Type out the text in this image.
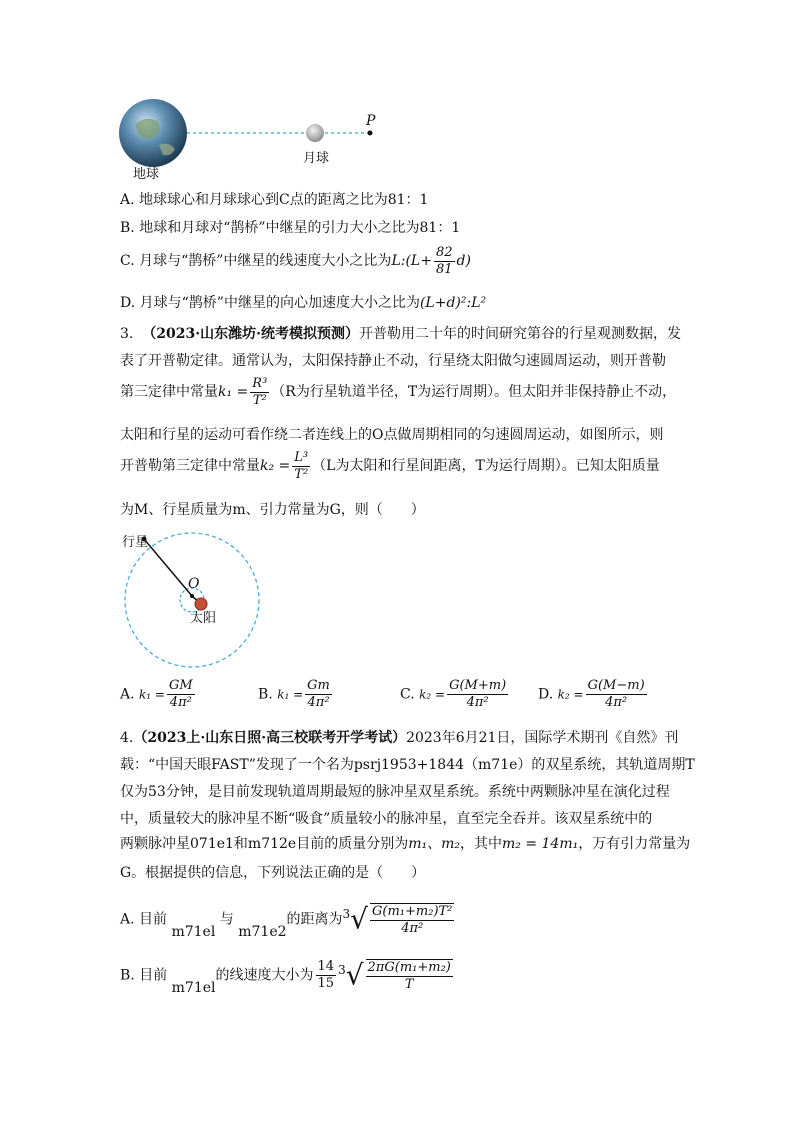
P
月球
地球
A. 地球球心和月球球心到C点的距离之比为81：1
B. 地球和月球对“鹊桥”中继星的引力大小之比为81：1
C. 月球与“鹊桥”中继星的线速度大小之比为L:(L+ $\frac{82}{81} d$)
D. 月球与“鹊桥”中继星的向心加速度大小之比为(L+d)²:L²
3. （2023·山东潍坊·统考模拟预测）开普勒用二十年的时间研究第谷的行星观测数据，发
表了开普勒定律。通常认为，太阳保持静止不动，行星绕太阳做匀速圆周运动，则开普勒
第三定律中常量$k_1 = \frac{\text{R³}}{\text{T²}} (R$为行星轨道半径，T为运行周期）。但太阳并非保持静止不动，
太阳和行星的运动可看作绕二者连线上的O点做周期相同的匀速圆周运动，如图所示，则
开普勒第三定律中常量$k_2 = \frac{\text{L³}}{\text{T²}} (L$为太阳和行星间距离，T为运行周期）。已知太阳质量
为M、行星质量为m、引力常量为G，则（　　）
行星
O
太阳
A. $k_1 = \frac{GM}{\text{4π²}}$	B. $k_1 = \frac{Gm}{\text{4π²}}$	C. $k_2 = \frac{G(M+m)}{\text{4π²}} D$. $k_2 = \frac{G(M-m)}{\text{4π²}}$
4.（2023上·山东日照·高三校联考开学考试）2023年6月21日，国际学术期刊《自然》刊
载：“中国天眼FAST”发现了一个名为psrj1953+1844（m71e）的双星系统，其轨道周期T
仅为53分钟，是目前发现轨道周期最短的脉冲星双星系统。系统中两颗脉冲星在演化过程
中，质量较大的脉冲星不断“吸食”质量较小的脉冲星，直至完全吞并。该双星系统中的
两颗脉冲星071e1和m712e目前的质量分别为m₁、m₂，其中m₂ = 14m₁，万有引力常量为
G。根据提供的信息，下列说法正确的是（　　）
A. 目前 m71el 与 m71e2的距离为$^3√ \frac{\text{G(m₁+m₂)T²}}{\text{4π²}}$
B. 目前 m71el的线速度大小为 $\frac{14}{15} ^3√ \frac{\text{2πG(m₁+m₂)}}{T}$
